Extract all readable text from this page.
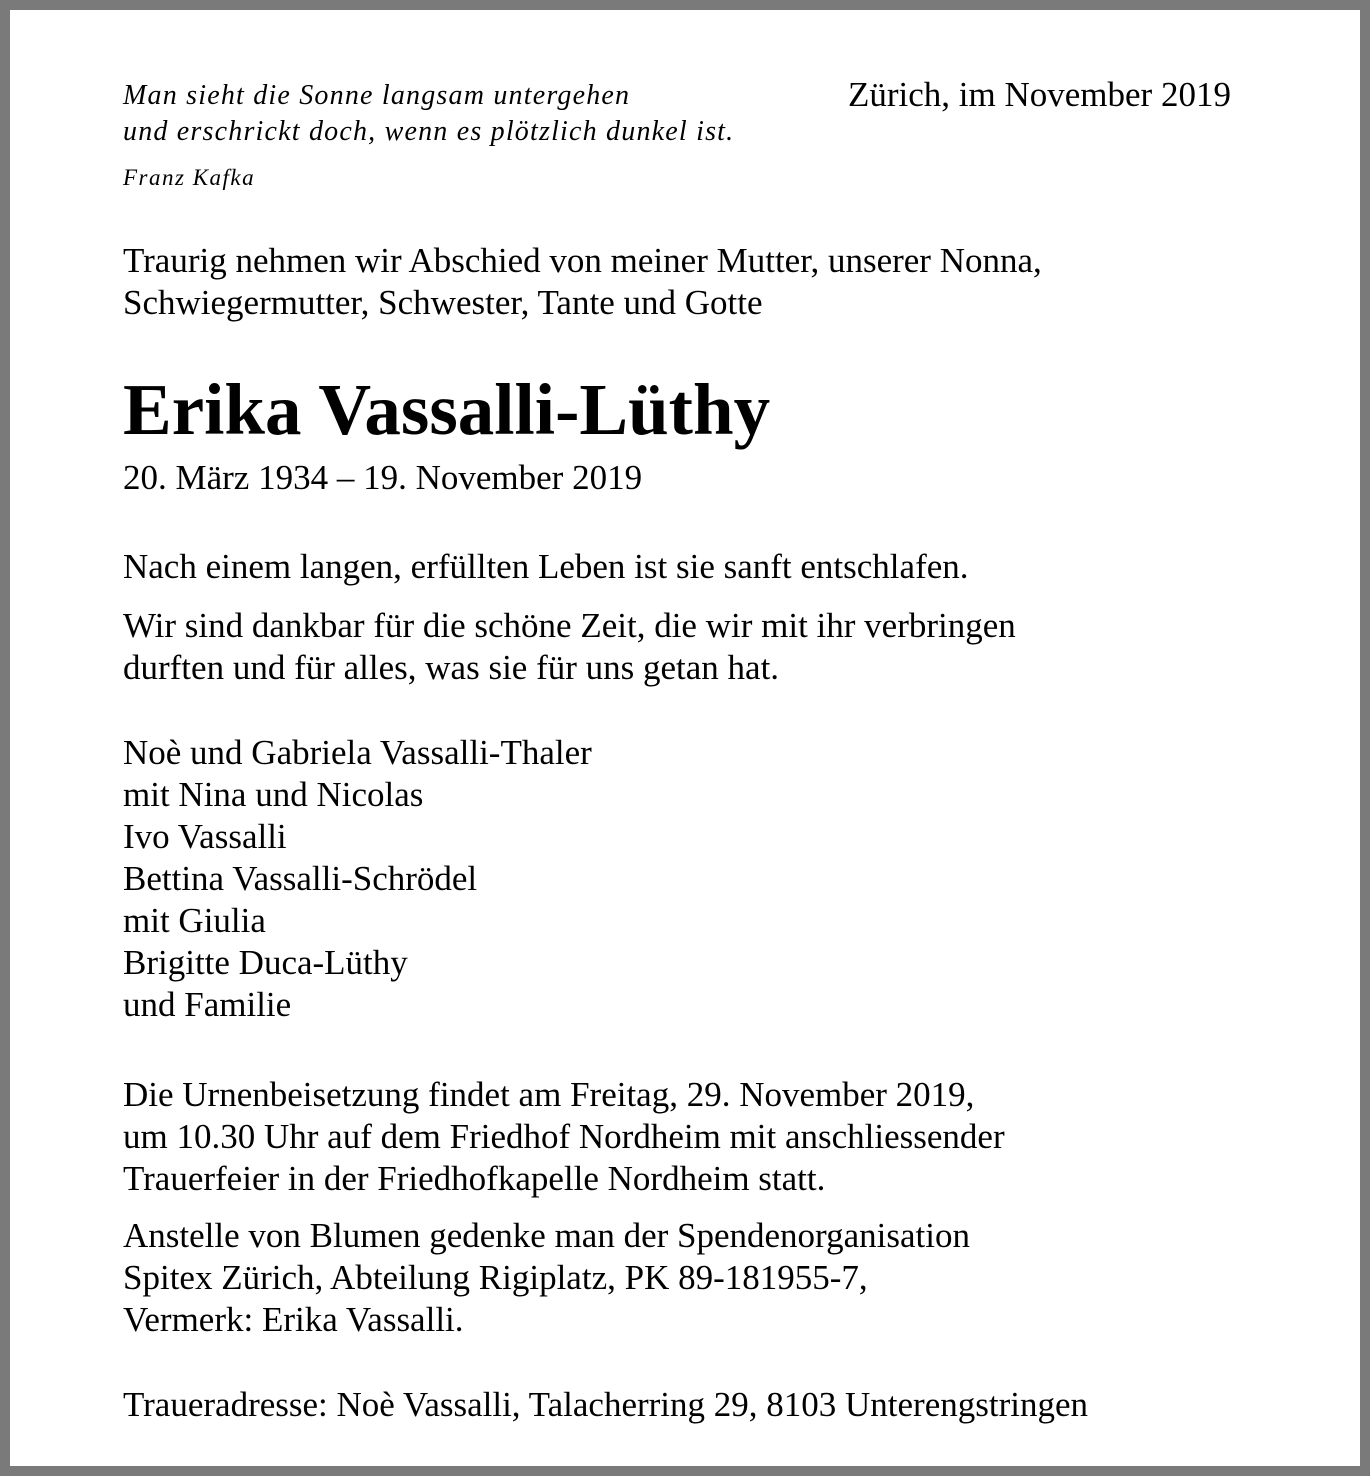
Man sieht die Sonne langsam untergehen
und erschrickt doch, wenn es plötzlich dunkel ist.
Franz Kafka
Zürich, im November 2019
Traurig nehmen wir Abschied von meiner Mutter, unserer Nonna,
Schwiegermutter, Schwester, Tante und Gotte
Erika Vassalli-Lüthy
20. März 1934 – 19. November 2019
Nach einem langen, erfüllten Leben ist sie sanft entschlafen.
Wir sind dankbar für die schöne Zeit, die wir mit ihr verbringen
durften und für alles, was sie für uns getan hat.
Noè und Gabriela Vassalli-Thaler
mit Nina und Nicolas
Ivo Vassalli
Bettina Vassalli-Schrödel
mit Giulia
Brigitte Duca-Lüthy
und Familie
Die Urnenbeisetzung findet am Freitag, 29. November 2019,
um 10.30 Uhr auf dem Friedhof Nordheim mit anschliessender
Trauerfeier in der Friedhofkapelle Nordheim statt.
Anstelle von Blumen gedenke man der Spendenorganisation
Spitex Zürich, Abteilung Rigiplatz, PK 89-181955-7,
Vermerk: Erika Vassalli.
Traueradresse: Noè Vassalli, Talacherring 29, 8103 Unterengstringen
